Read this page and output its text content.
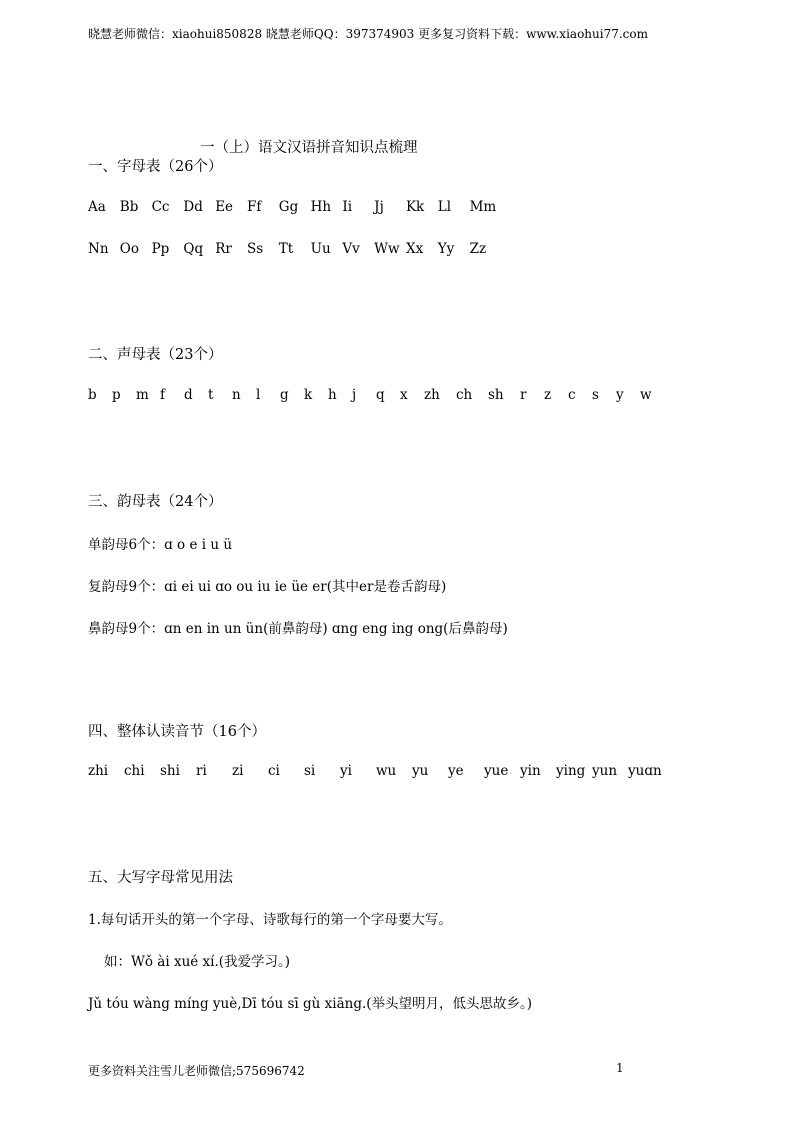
晓慧老师微信：xiaohui850828 晓慧老师QQ：397374903 更多复习资料下载：www.xiaohui77.com
一（上）语文汉语拼音知识点梳理
一、字母表（26个）
Aa	Bb Cc	Dd Ee	Ff	Gg Hh Ii	Jj	Kk	Ll	Mm
Nn Oo Pp	Qq Rr	Ss	Tt	Uu Vv	Ww Xx	Yy	Zz
二、声母表（23个）
b	p	m f	d	t	n	l	g	k	h	j	q	x	zh	ch	sh	r	z	c	s	y	w
三、韵母表（24个）
单韵母6个：ɑ o e i u ü
复韵母9个：ɑi ei ui ɑo ou iu ie üe er(其中er是卷舌韵母)
鼻韵母9个：ɑn en in un ün(前鼻韵母) ɑng eng ing ong(后鼻韵母)
四、整体认读音节（16个）
zhi	chi	shi	ri	zi	ci	si	yi	wu	yu	ye	yue yin	ying yun yuɑn
五、大写字母常见用法
1.每句话开头的第一个字母、诗歌每行的第一个字母要大写。
如：Wǒ ài xué xí.(我爱学习。)
Jǔ tóu wàng míng yuè,Dī tóu sī gù xiāng.(举头望明月，低头思故乡。)
更多资料关注雪儿老师微信;575696742	1
